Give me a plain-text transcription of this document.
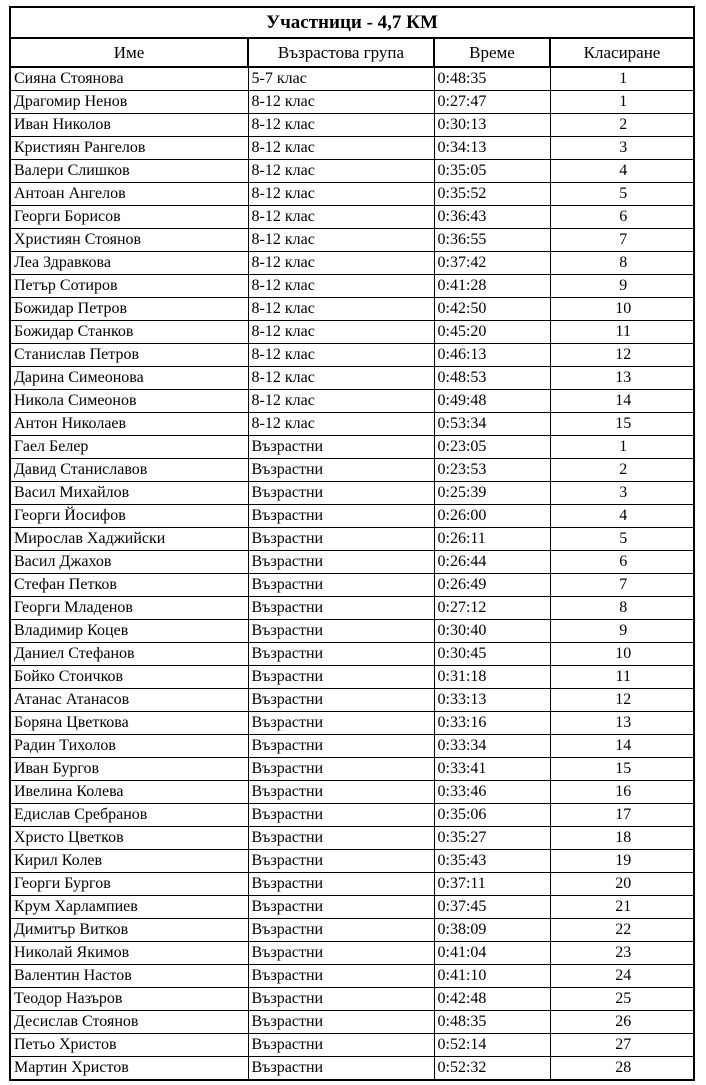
Участници - 4,7 КМ			
Име	Възрастова група	Време	Класиране
Сияна Стоянова	5-7 клас	0:48:35	1
Драгомир Ненов	8-12 клас	0:27:47	1
Иван Николов	8-12 клас	0:30:13	2
Кристиян Рангелов	8-12 клас	0:34:13	3
Валери Слишков	8-12 клас	0:35:05	4
Антоан Ангелов	8-12 клас	0:35:52	5
Георги Борисов	8-12 клас	0:36:43	6
Християн Стоянов	8-12 клас	0:36:55	7
Леа Здравкова	8-12 клас	0:37:42	8
Петър Сотиров	8-12 клас	0:41:28	9
Божидар Петров	8-12 клас	0:42:50	10
Божидар Станков	8-12 клас	0:45:20	11
Станислав Петров	8-12 клас	0:46:13	12
Дарина Симеонова	8-12 клас	0:48:53	13
Никола Симеонов	8-12 клас	0:49:48	14
Антон Николаев	8-12 клас	0:53:34	15
Гаел Белер	Възрастни	0:23:05	1
Давид Станиславов	Възрастни	0:23:53	2
Васил Михайлов	Възрастни	0:25:39	3
Георги Йосифов	Възрастни	0:26:00	4
Мирослав Хаджийски	Възрастни	0:26:11	5
Васил Джахов	Възрастни	0:26:44	6
Стефан Петков	Възрастни	0:26:49	7
Георги Младенов	Възрастни	0:27:12	8
Владимир Коцев	Възрастни	0:30:40	9
Даниел Стефанов	Възрастни	0:30:45	10
Бойко Стоичков	Възрастни	0:31:18	11
Атанас Атанасов	Възрастни	0:33:13	12
Боряна Цветкова	Възрастни	0:33:16	13
Радин Тихолов	Възрастни	0:33:34	14
Иван Бургов	Възрастни	0:33:41	15
Ивелина Колева	Възрастни	0:33:46	16
Едислав Сребранов	Възрастни	0:35:06	17
Христо Цветков	Възрастни	0:35:27	18
Кирил Колев	Възрастни	0:35:43	19
Георги Бургов	Възрастни	0:37:11	20
Крум Харлампиев	Възрастни	0:37:45	21
Димитър Витков	Възрастни	0:38:09	22
Николай Якимов	Възрастни	0:41:04	23
Валентин Настов	Възрастни	0:41:10	24
Теодор Назъров	Възрастни	0:42:48	25
Десислав Стоянов	Възрастни	0:48:35	26
Петьо Христов	Възрастни	0:52:14	27
Мартин Христов	Възрастни	0:52:32	28
